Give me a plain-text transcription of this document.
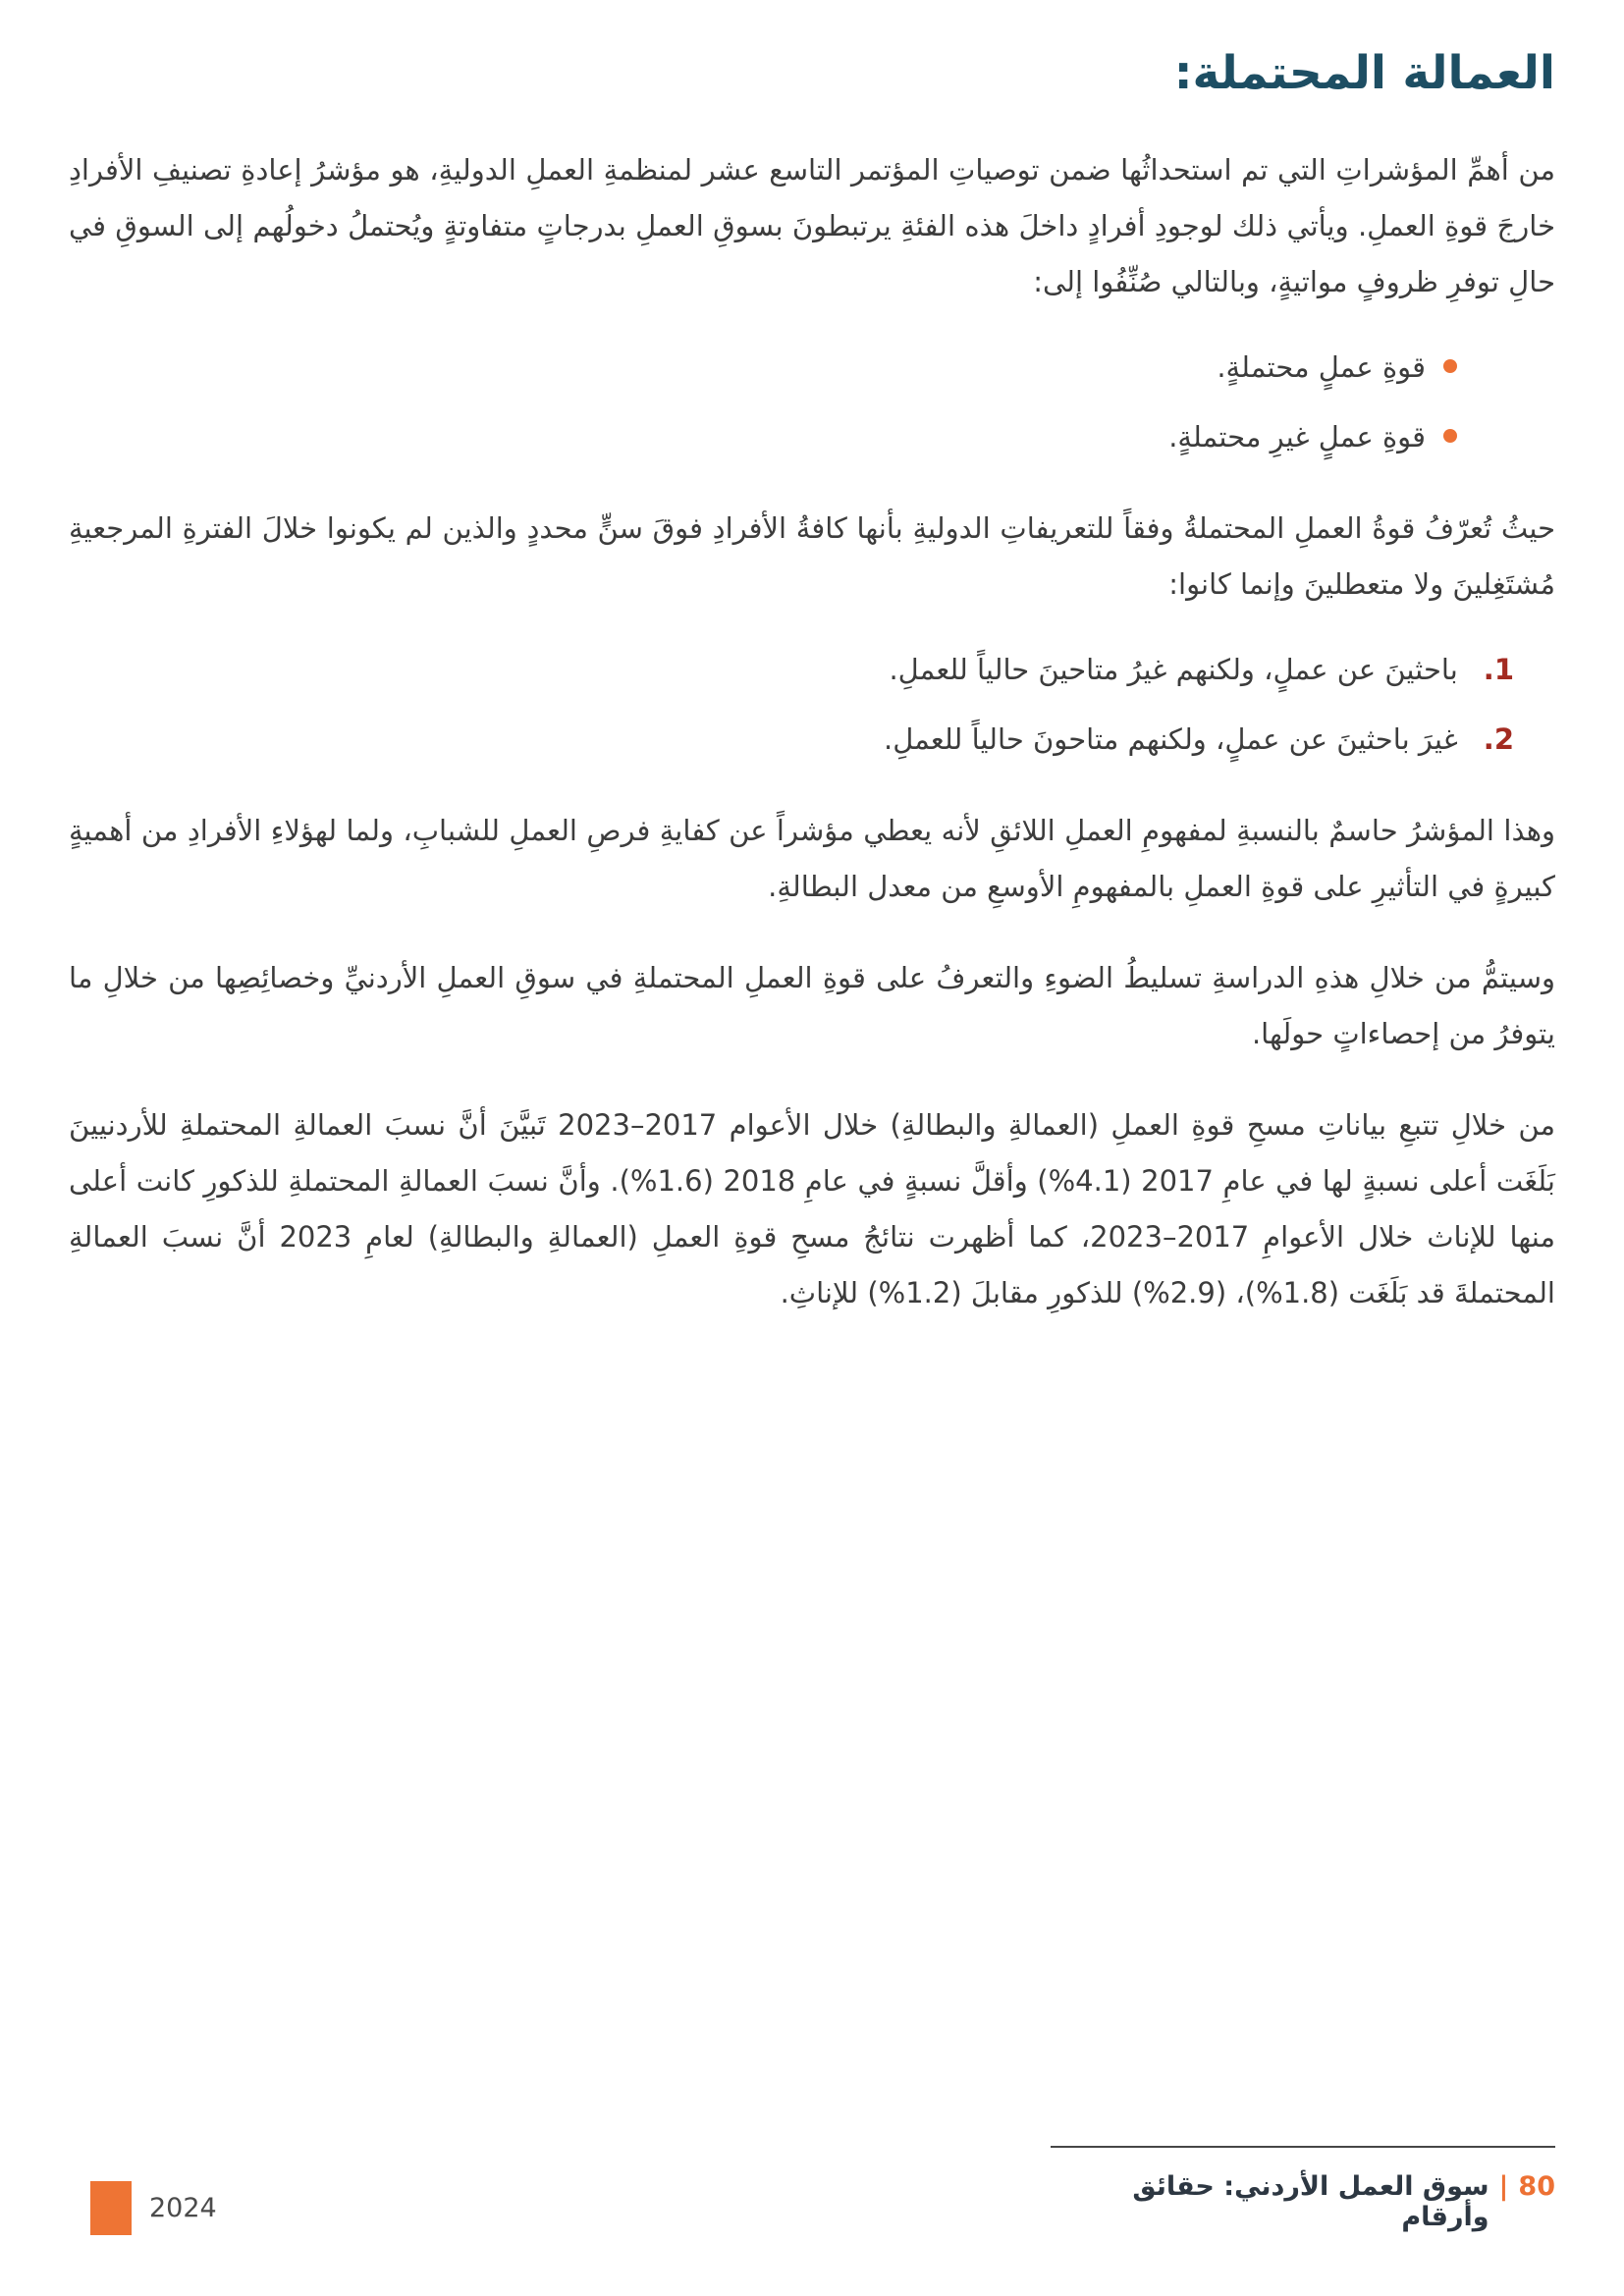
العمالة المحتملة:

من أهمِّ المؤشراتِ التي تم استحداثُها ضمن توصياتِ المؤتمر التاسع عشر لمنظمةِ العملِ الدوليةِ، هو مؤشرُ إعادةِ تصنيفِ الأفرادِ خارجَ قوةِ العملِ. ويأتي ذلك لوجودِ أفرادٍ داخلَ هذه الفئةِ يرتبطونَ بسوقِ العملِ بدرجاتٍ متفاوتةٍ ويُحتملُ دخولُهم إلى السوقِ في حالِ توفرِ ظروفٍ مواتيةٍ، وبالتالي صُنِّفُوا إلى:

قوةِ عملٍ محتملةٍ.
قوةِ عملٍ غيرِ محتملةٍ.

حيثُ تُعرّفُ قوةُ العملِ المحتملةُ وفقاً للتعريفاتِ الدوليةِ بأنها كافةُ الأفرادِ فوقَ سنٍّ محددٍ والذين لم يكونوا خلالَ الفترةِ المرجعيةِ مُشتَغِلينَ ولا متعطلينَ وإنما كانوا:

1.
باحثينَ عن عملٍ، ولكنهم غيرُ متاحينَ حالياً للعملِ.
2.
غيرَ باحثينَ عن عملٍ، ولكنهم متاحونَ حالياً للعملِ.

وهذا المؤشرُ حاسمٌ بالنسبةِ لمفهومِ العملِ اللائقِ لأنه يعطي مؤشراً عن كفايةِ فرصِ العملِ للشبابِ، ولما لهؤلاءِ الأفرادِ من أهميةٍ كبيرةٍ في التأثيرِ على قوةِ العملِ بالمفهومِ الأوسعِ من معدل البطالةِ.

وسيتمُّ من خلالِ هذهِ الدراسةِ تسليطُ الضوءِ والتعرفُ على قوةِ العملِ المحتملةِ في سوقِ العملِ الأردنيِّ وخصائِصِها من خلالِ ما يتوفرُ من إحصاءاتٍ حولَها.

من خلالِ تتبعِ بياناتِ مسحِ قوةِ العملِ (العمالةِ والبطالةِ) خلال الأعوام 2017–2023 تَبيَّنَ أنَّ نسبَ العمالةِ المحتملةِ للأردنيينَ بَلَغَت أعلى نسبةٍ لها في عامِ 2017 (4.1%) وأقلَّ نسبةٍ في عامِ 2018 (1.6%). وأنَّ نسبَ العمالةِ المحتملةِ للذكورِ كانت أعلى منها للإناث خلال الأعوامِ 2017–2023، كما أظهرت نتائجُ مسحِ قوةِ العملِ (العمالةِ والبطالةِ) لعامِ 2023 أنَّ نسبَ العمالةِ المحتملةَ قد بَلَغَت (1.8%)، (2.9%) للذكورِ مقابلَ (1.2%) للإناثِ.

80
|
سوق العمل الأردني: حقائق وأرقام
2024
